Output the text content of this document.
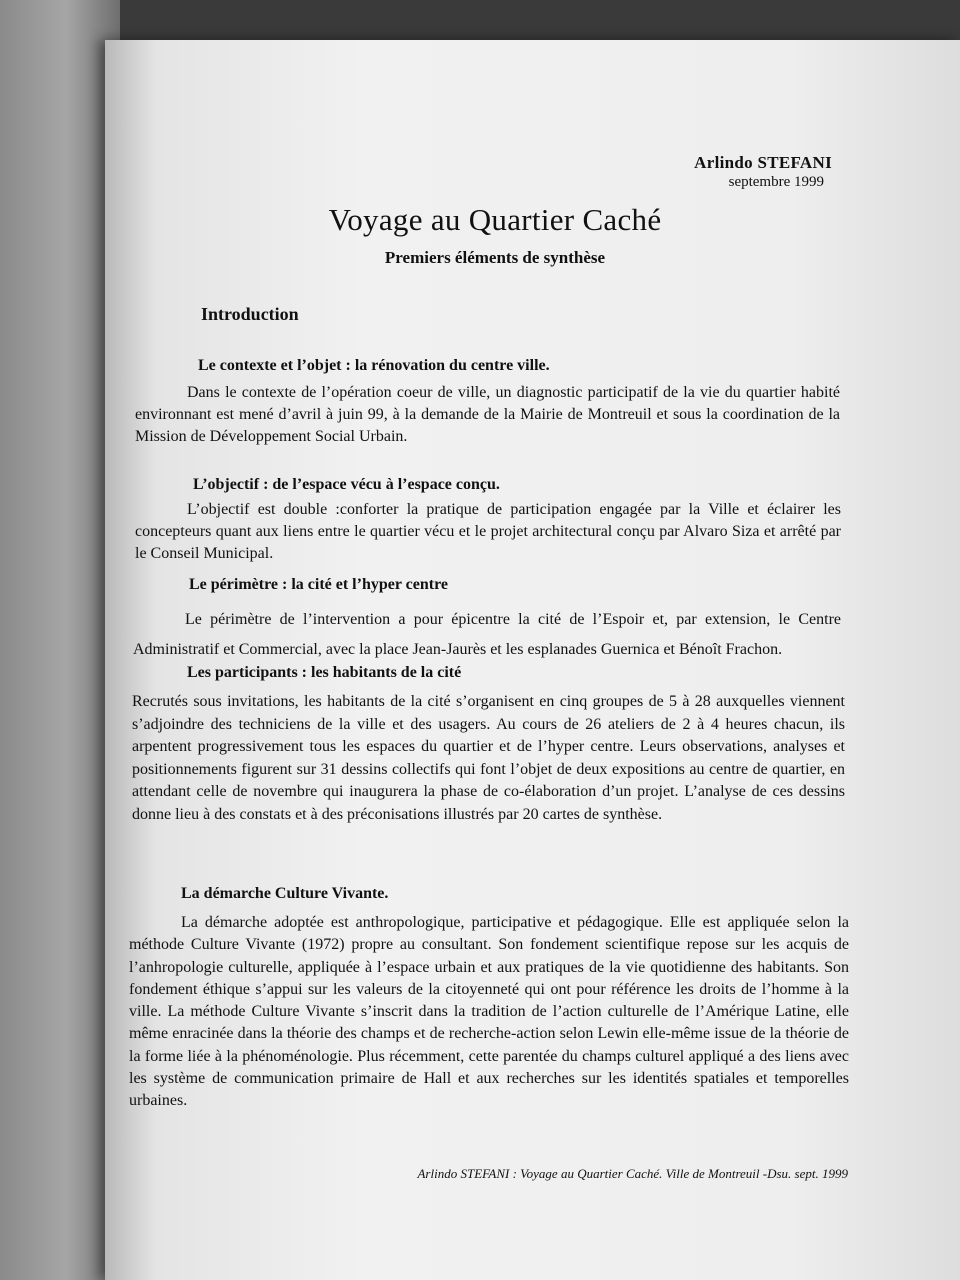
Arlindo STEFANI
septembre 1999
Voyage au Quartier Caché
Premiers éléments de synthèse
Introduction
Le contexte et l’objet : la rénovation du centre ville.
Dans le contexte de l’opération coeur de ville, un diagnostic participatif de la vie du quartier habité environnant est mené d’avril à juin 99, à la demande de la Mairie de Montreuil et sous la coordination de la Mission de Développement Social Urbain.
L’objectif : de l’espace vécu à l’espace conçu.
L’objectif est double :conforter la pratique de participation engagée par la Ville et éclairer les concepteurs quant aux liens entre le quartier vécu et le projet architectural conçu par Alvaro Siza et arrêté par le Conseil Municipal.
Le périmètre : la cité et l’hyper centre
Le périmètre de l’intervention a pour épicentre la cité de l’Espoir et, par extension, le Centre Administratif et Commercial, avec la place Jean-Jaurès et les esplanades Guernica et Bénoît Frachon.
Les participants : les habitants de la cité
Recrutés sous invitations, les habitants de la cité s’organisent en cinq groupes de 5 à 28 auxquelles viennent s’adjoindre des techniciens de la ville et des usagers. Au cours de 26 ateliers de 2 à 4 heures chacun, ils arpentent progressivement tous les espaces du quartier et de l’hyper centre. Leurs observations, analyses et positionnements figurent sur 31 dessins collectifs qui font l’objet de deux expositions au centre de quartier, en attendant celle de novembre qui inaugurera la phase de co-élaboration d’un projet. L’analyse de ces dessins donne lieu à des constats et à des préconisations illustrés par 20 cartes de synthèse.
La démarche Culture Vivante.
La démarche adoptée est anthropologique, participative et pédagogique. Elle est appliquée selon la méthode Culture Vivante (1972) propre au consultant. Son fondement scientifique repose sur les acquis de l’anhropologie culturelle, appliquée à l’espace urbain et aux pratiques de la vie quotidienne des habitants. Son fondement éthique s’appui sur les valeurs de la citoyenneté qui ont pour référence les droits de l’homme à la ville. La méthode Culture Vivante s’inscrit dans la tradition de l’action culturelle de l’Amérique Latine, elle même enracinée dans la théorie des champs et de recherche-action selon Lewin elle-même issue de la théorie de la forme liée à la phénoménologie. Plus récemment, cette parentée du champs culturel appliqué a des liens avec les système de communication primaire de Hall et aux recherches sur les identités spatiales et temporelles urbaines.
Arlindo STEFANI : Voyage au Quartier Caché. Ville de Montreuil -Dsu. sept. 1999
